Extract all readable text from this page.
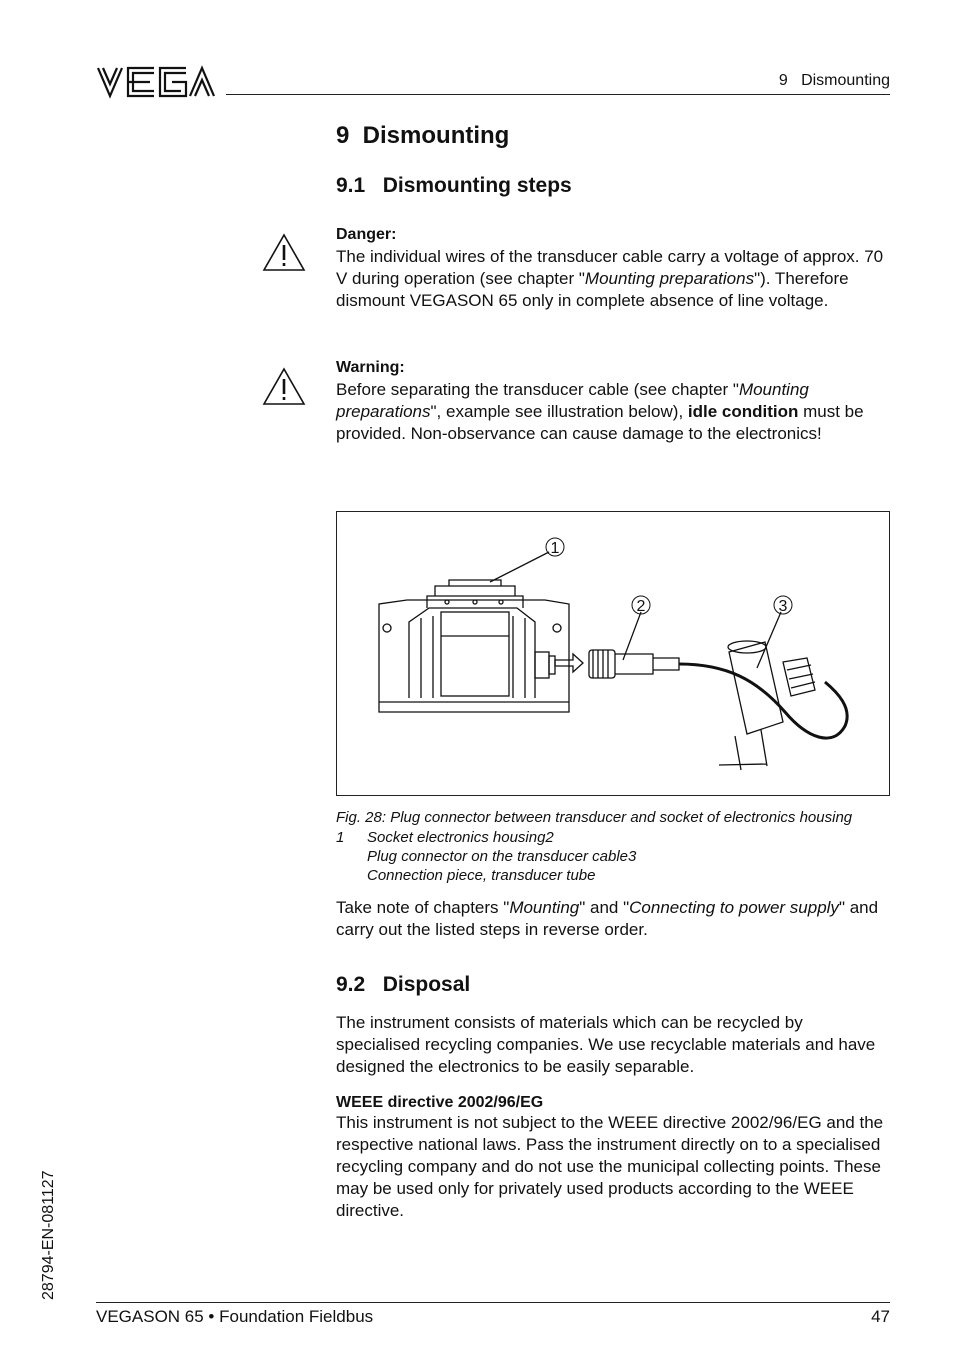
9   Dismounting
9  Dismounting
9.1   Dismounting steps
Danger:

The individual wires of the transducer cable carry a voltage of approx. 70 V during operation (see chapter "Mounting preparations"). Therefore dismount VEGASON 65 only in complete absence of line voltage.

Warning:

Before separating the transducer cable (see chapter "Mounting preparations", example see illustration below), idle condition must be provided. Non-observance can cause damage to the electronics!

1
2	3
Fig. 28: Plug connector between transducer and socket of electronics housing
1 Socket electronics housing2
Plug connector on the transducer cable3
Connection piece, transducer tube

Take note of chapters "Mounting" and "Connecting to power supply" and carry out the listed steps in reverse order.

9.2   Disposal

The instrument consists of materials which can be recycled by specialised recycling companies. We use recyclable materials and have designed the electronics to be easily separable.

WEEE directive 2002/96/EG

This instrument is not subject to the WEEE directive 2002/96/EG and the respective national laws. Pass the instrument directly on to a specialised recycling company and do not use the municipal collecting points. These may be used only for privately used products according to the WEEE directive.

28794-EN-081127
VEGASON 65 • Foundation Fieldbus	47
